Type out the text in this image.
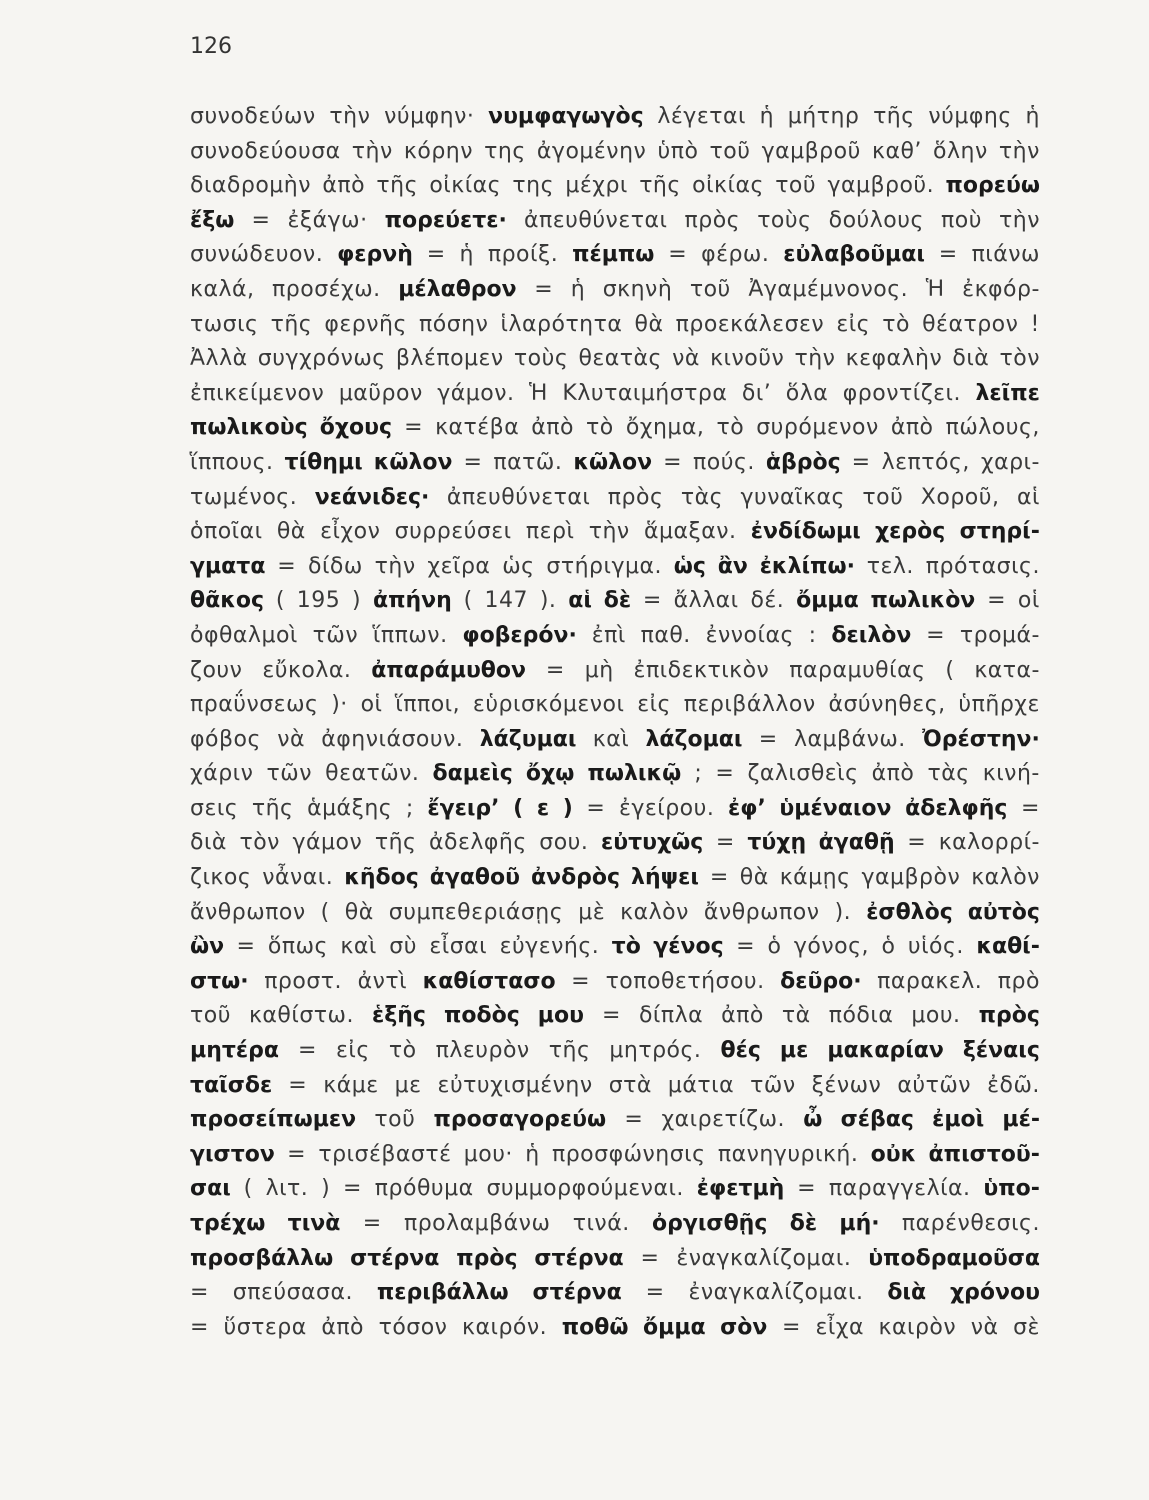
126
συνοδεύων τὴν νύμφην· νυμφαγωγὸς λέγεται ἡ μήτηρ τῆς νύμφης ἡ
συνοδεύουσα τὴν κόρην της ἀγομένην ὑπὸ τοῦ γαμβροῦ καθ’ ὅλην τὴν
διαδρομὴν ἀπὸ τῆς οἰκίας της μέχρι τῆς οἰκίας τοῦ γαμβροῦ. πορεύω
ἔξω = ἐξάγω· πορεύετε· ἀπευθύνεται πρὸς τοὺς δούλους ποὺ τὴν
συνώδευον. φερνὴ = ἡ προίξ. πέμπω = φέρω. εὐλαβοῦμαι = πιάνω
καλά, προσέχω. μέλαθρον = ἡ σκηνὴ τοῦ Ἀγαμέμνονος. Ἡ ἐκφόρ-
τωσις τῆς φερνῆς πόσην ἱλαρότητα θὰ προεκάλεσεν εἰς τὸ θέατρον !
Ἀλλὰ συγχρόνως βλέπομεν τοὺς θεατὰς νὰ κινοῦν τὴν κεφαλὴν διὰ τὸν
ἐπικείμενον μαῦρον γάμον. Ἡ Κλυταιμήστρα δι’ ὅλα φροντίζει. λεῖπε
πωλικοὺς ὄχους = κατέβα ἀπὸ τὸ ὄχημα, τὸ συρόμενον ἀπὸ πώλους,
ἵππους. τίθημι κῶλον = πατῶ. κῶλον = πούς. ἁβρὸς = λεπτός, χαρι-
τωμένος. νεάνιδες· ἀπευθύνεται πρὸς τὰς γυναῖκας τοῦ Χοροῦ, αἱ
ὁποῖαι θὰ εἶχον συρρεύσει περὶ τὴν ἅμαξαν. ἐνδίδωμι χερὸς στηρί-
γματα = δίδω τὴν χεῖρα ὡς στήριγμα. ὡς ἂν ἐκλίπω· τελ. πρότασις.
θᾶκος ( 195 ) ἀπήνη ( 147 ). αἱ δὲ = ἄλλαι δέ. ὄμμα πωλικὸν = οἱ
ὀφθαλμοὶ τῶν ἵππων. φοβερόν· ἐπὶ παθ. ἐννοίας : δειλὸν = τρομά-
ζουν εὔκολα. ἀπαράμυθον = μὴ ἐπιδεκτικὸν παραμυθίας ( κατα-
πραΰνσεως )· οἱ ἵπποι, εὑρισκόμενοι εἰς περιβάλλον ἀσύνηθες, ὑπῆρχε
φόβος νὰ ἀφηνιάσουν. λάζυμαι καὶ λάζομαι = λαμβάνω. Ὀρέστην·
χάριν τῶν θεατῶν. δαμεὶς ὄχῳ πωλικῷ ; = ζαλισθεὶς ἀπὸ τὰς κινή-
σεις τῆς ἁμάξης ; ἔγειρ’ ( ε ) = ἐγείρου. ἐφ’ ὑμέναιον ἀδελφῆς =
διὰ τὸν γάμον τῆς ἀδελφῆς σου. εὐτυχῶς = τύχῃ ἀγαθῇ = καλορρί-
ζικος νἆναι. κῆδος ἀγαθοῦ ἀνδρὸς λήψει = θὰ κάμῃς γαμβρὸν καλὸν
ἄνθρωπον ( θὰ συμπεθεριάσῃς μὲ καλὸν ἄνθρωπον ). ἐσθλὸς αὐτὸς
ὢν = ὅπως καὶ σὺ εἶσαι εὐγενής. τὸ γένος = ὁ γόνος, ὁ υἱός. καθί-
στω· προστ. ἀντὶ καθίστασο = τοποθετήσου. δεῦρο· παρακελ. πρὸ
τοῦ καθίστω. ἑξῆς ποδὸς μου = δίπλα ἀπὸ τὰ πόδια μου. πρὸς
μητέρα = εἰς τὸ πλευρὸν τῆς μητρός. θές με μακαρίαν ξέναις
ταῖσδε = κάμε με εὐτυχισμένην στὰ μάτια τῶν ξένων αὐτῶν ἐδῶ.
προσείπωμεν τοῦ προσαγορεύω = χαιρετίζω. ὦ σέβας ἐμοὶ μέ-
γιστον = τρισέβαστέ μου· ἡ προσφώνησις πανηγυρική. οὐκ ἀπιστοῦ-
σαι ( λιτ. ) = πρόθυμα συμμορφούμεναι. ἐφετμὴ = παραγγελία. ὑπο-
τρέχω τινὰ = προλαμβάνω τινά. ὀργισθῇς δὲ μή· παρένθεσις.
προσβάλλω στέρνα πρὸς στέρνα = ἐναγκαλίζομαι. ὑποδραμοῦσα
= σπεύσασα. περιβάλλω στέρνα = ἐναγκαλίζομαι. διὰ χρόνου
= ὕστερα ἀπὸ τόσον καιρόν. ποθῶ ὄμμα σὸν = εἶχα καιρὸν νὰ σὲ
